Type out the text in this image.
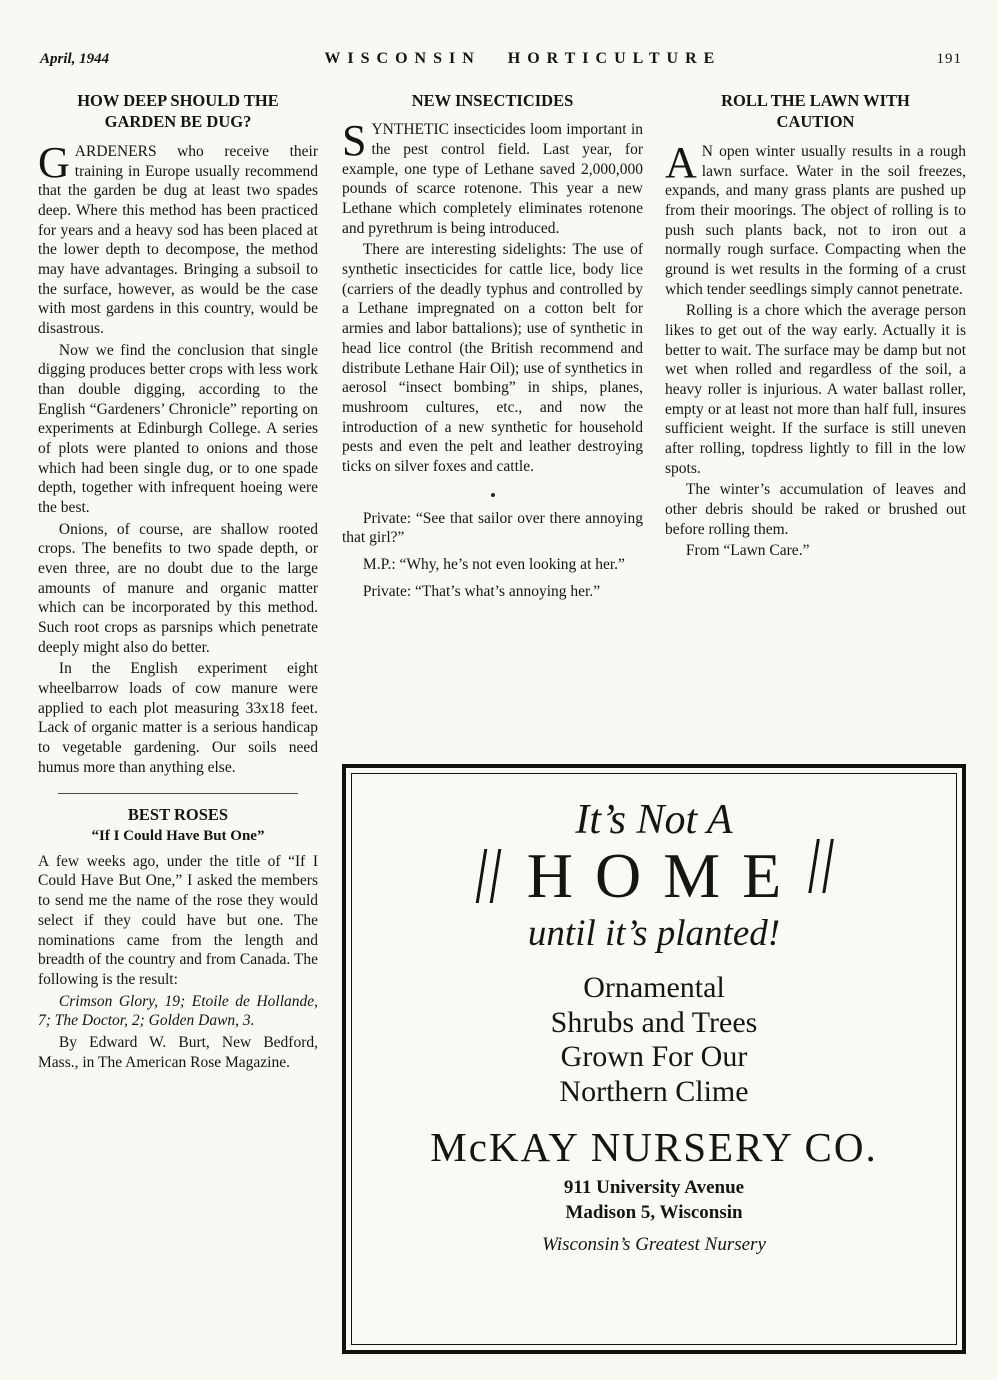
April, 1944	WISCONSIN HORTICULTURE	191
HOW DEEP SHOULD THE
GARDEN BE DUG?

GARDENERS who receive their training in Europe usually recommend that the garden be dug at least two spades deep. Where this method has been practiced for years and a heavy sod has been placed at the lower depth to decompose, the method may have advantages. Bringing a subsoil to the surface, however, as would be the case with most gardens in this country, would be disastrous.

Now we find the conclusion that single digging produces better crops with less work than double digging, according to the English “Gardeners’ Chronicle” reporting on experiments at Edinburgh College. A series of plots were planted to onions and those which had been single dug, or to one spade depth, together with infrequent hoeing were the best.

Onions, of course, are shallow rooted crops. The benefits to two spade depth, or even three, are no doubt due to the large amounts of manure and organic matter which can be incorporated by this method. Such root crops as parsnips which penetrate deeply might also do better.

In the English experiment eight wheelbarrow loads of cow manure were applied to each plot measuring 33x18 feet. Lack of organic matter is a serious handicap to vegetable gardening. Our soils need humus more than anything else.

BEST ROSES
“If I Could Have But One”

A few weeks ago, under the title of “If I Could Have But One,” I asked the members to send me the name of the rose they would select if they could have but one. The nominations came from the length and breadth of the country and from Canada. The following is the result:

Crimson Glory, 19; Etoile de Hollande, 7; The Doctor, 2; Golden Dawn, 3.

By Edward W. Burt, New Bedford, Mass., in The American Rose Magazine.

NEW INSECTICIDES

SYNTHETIC insecticides loom important in the pest control field. Last year, for example, one type of Lethane saved 2,000,000 pounds of scarce rotenone. This year a new Lethane which completely eliminates rotenone and pyrethrum is being introduced.

There are interesting sidelights: The use of synthetic insecticides for cattle lice, body lice (carriers of the deadly typhus and controlled by a Lethane impregnated on a cotton belt for armies and labor battalions); use of synthetic in head lice control (the British recommend and distribute Lethane Hair Oil); use of synthetics in aerosol “insect bombing” in ships, planes, mushroom cultures, etc., and now the introduction of a new synthetic for household pests and even the pelt and leather destroying ticks on silver foxes and cattle.

Private: “See that sailor over there annoying that girl?”

M.P.: “Why, he’s not even looking at her.”

Private: “That’s what’s annoying her.”

ROLL THE LAWN WITH
CAUTION

A N open winter usually results in a rough lawn surface. Water in the soil freezes, expands, and many grass plants are pushed up from their moorings. The object of rolling is to push such plants back, not to iron out a normally rough surface. Compacting when the ground is wet results in the forming of a crust which tender seedlings simply cannot penetrate.

Rolling is a chore which the average person likes to get out of the way early. Actually it is better to wait. The surface may be damp but not wet when rolled and regardless of the soil, a heavy roller is injurious. A water ballast roller, empty or at least not more than half full, insures sufficient weight. If the surface is still uneven after rolling, topdress lightly to fill in the low spots.

The winter’s accumulation of leaves and other debris should be raked or brushed out before rolling them.

From “Lawn Care.”

It’s Not A
HOME
until it’s planted!
Ornamental
Shrubs and Trees
Grown For Our
Northern Clime
McKAY NURSERY CO.
911 University Avenue
Madison 5, Wisconsin
Wisconsin’s Greatest Nursery
